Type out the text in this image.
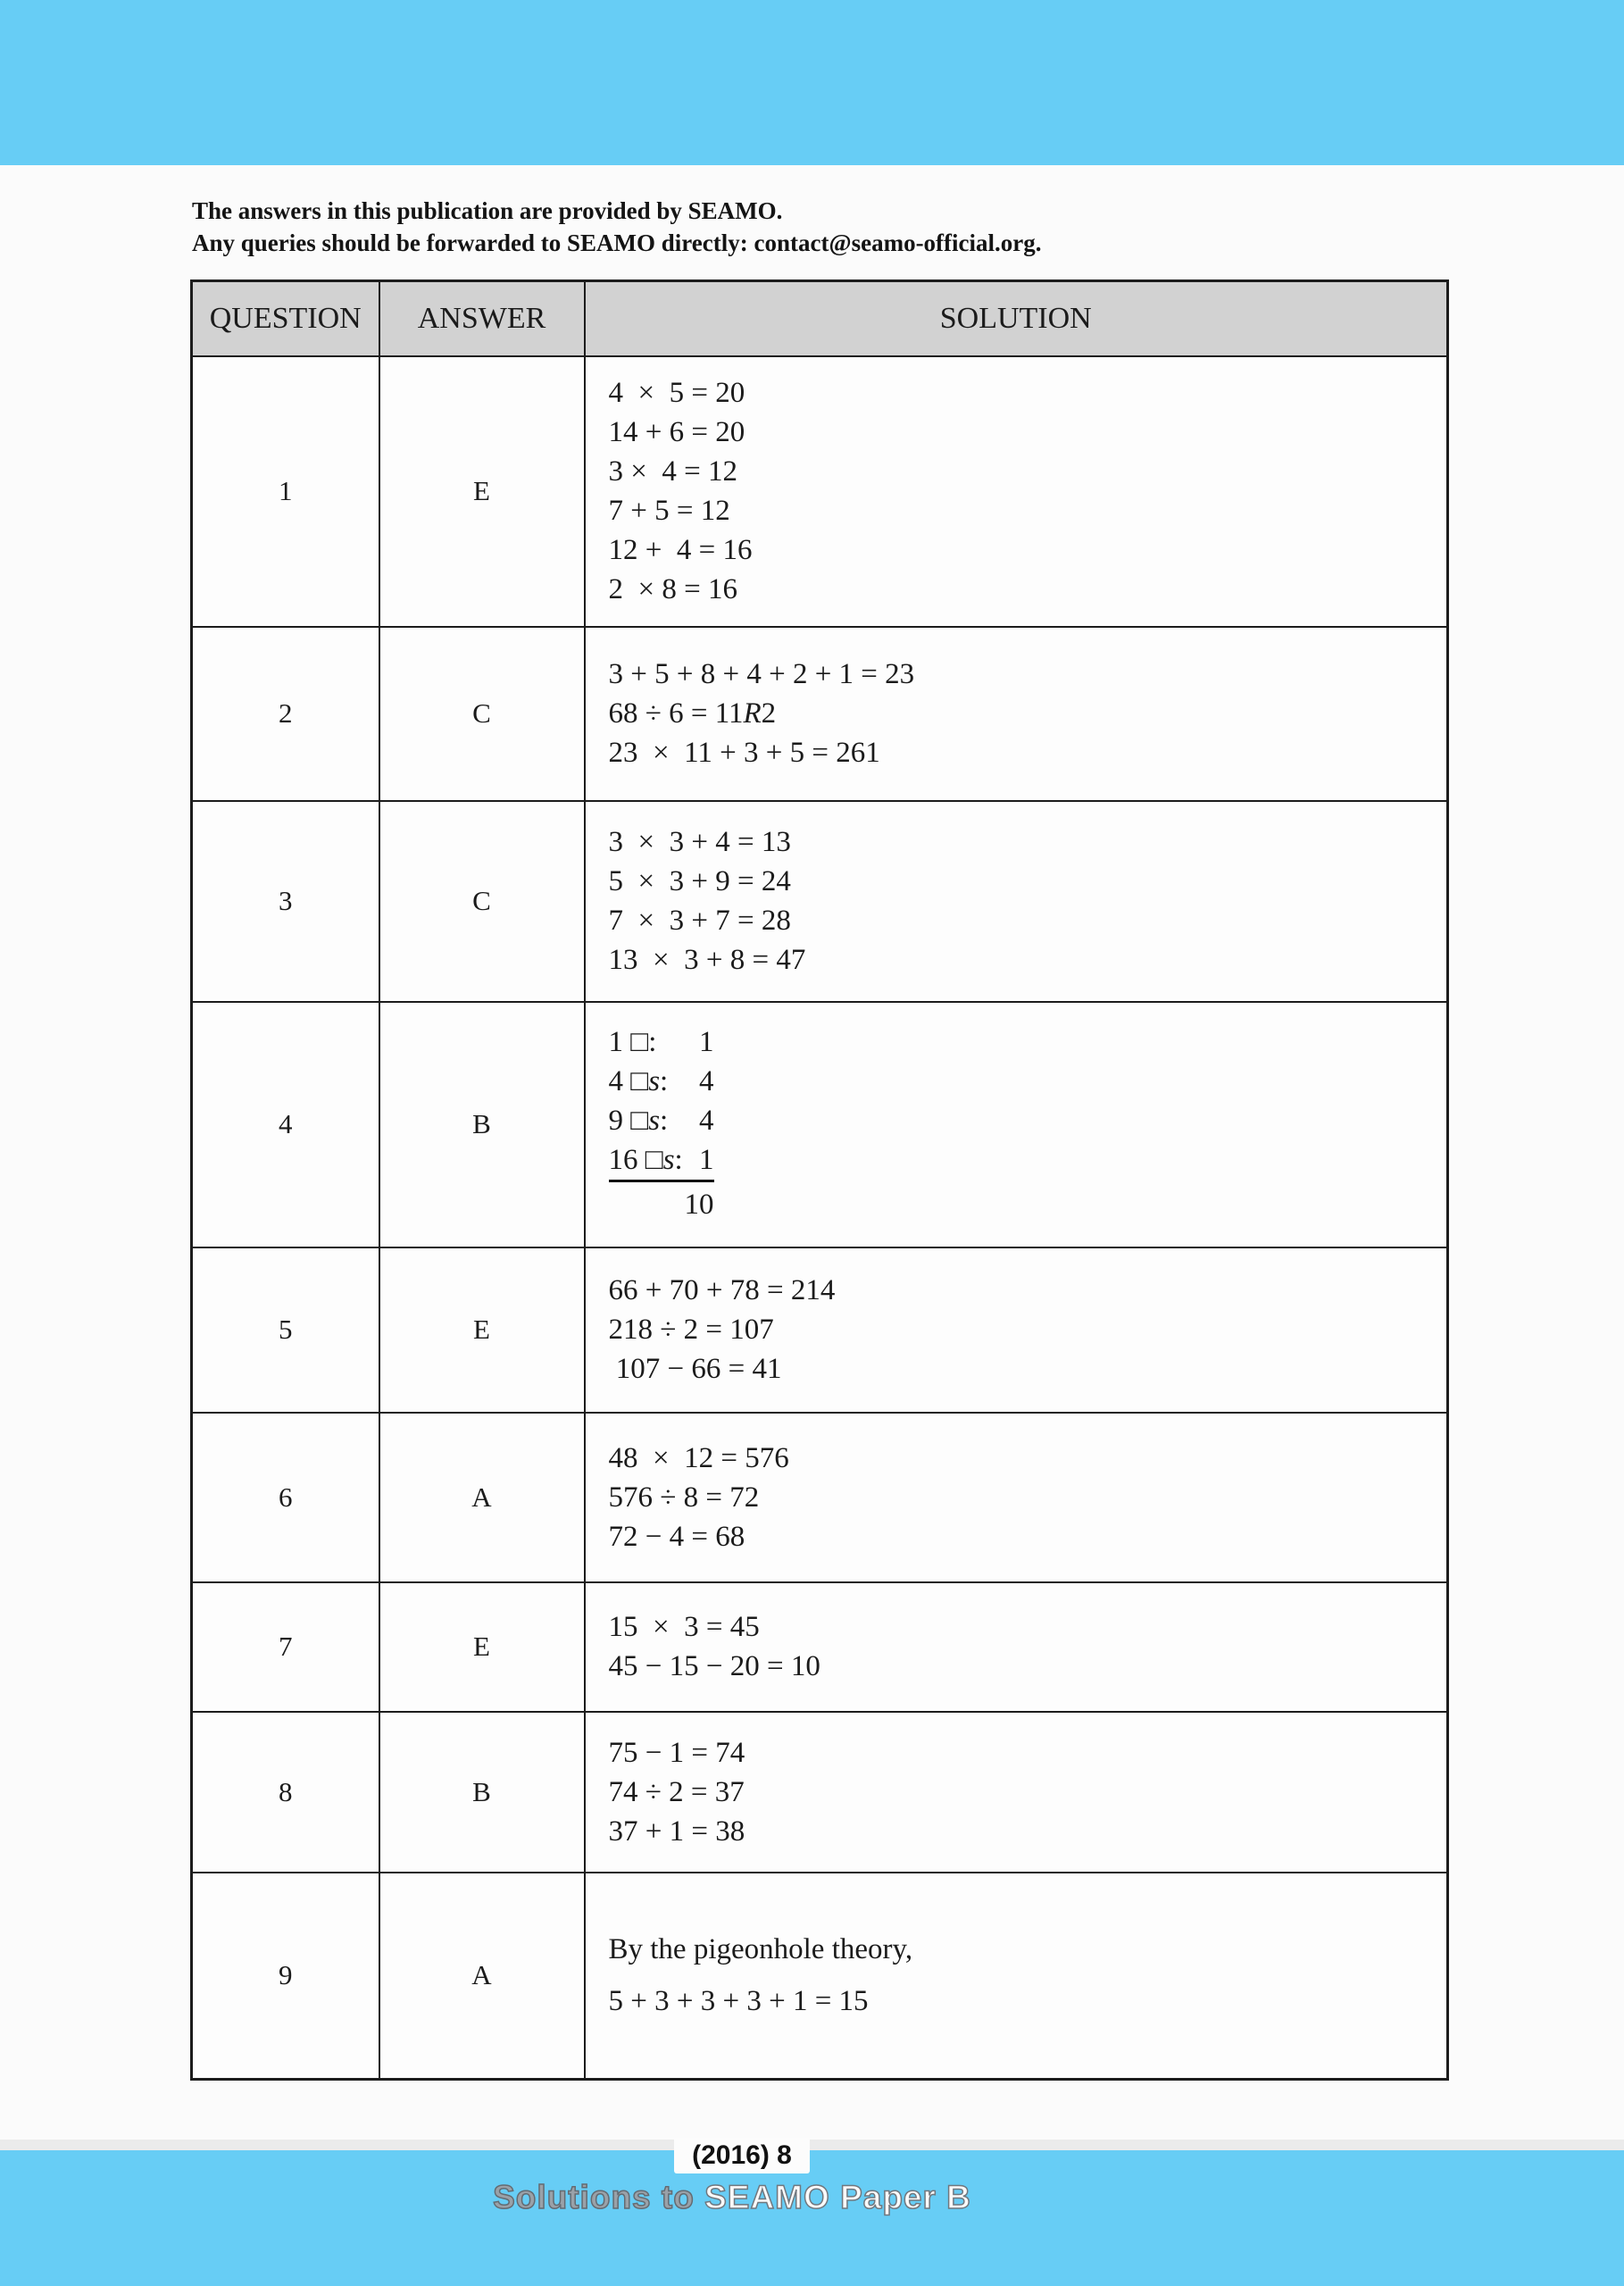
The answers in this publication are provided by SEAMO.
Any queries should be forwarded to SEAMO directly: contact@seamo-official.org.
QUESTION	ANSWER	SOLUTION
1	E	
4  ×  5 = 20
14 + 6 = 20
3 ×  4 = 12
7 + 5 = 12
12 +  4 = 16
2  × 8 = 16

2	C	3 + 5 + 8 + 4 + 2 + 1 = 23
68 ÷ 6 = 11R2
23  ×  11 + 3 + 5 = 261

3	C	3  ×  3 + 4 = 13
5  ×  3 + 9 = 24
7  ×  3 + 7 = 28
13  ×  3 + 8 = 47

4	B	
1 □: 1
4 □s: 4
9 □s: 4
16 □s: 1
10

5	E	66 + 70 + 78 = 214
218 ÷ 2 = 107
107 − 66 = 41

6	A	48  ×  12 = 576
576 ÷ 8 = 72
72 − 4 = 68

7	E	15  ×  3 = 45
45 − 15 − 20 = 10

8	B	75 − 1 = 74
74 ÷ 2 = 37
37 + 1 = 38

9	A	By the pigeonhole theory,
5 + 3 + 3 + 3 + 1 = 15
(2016) 8
Solutions to SEAMO Paper B
